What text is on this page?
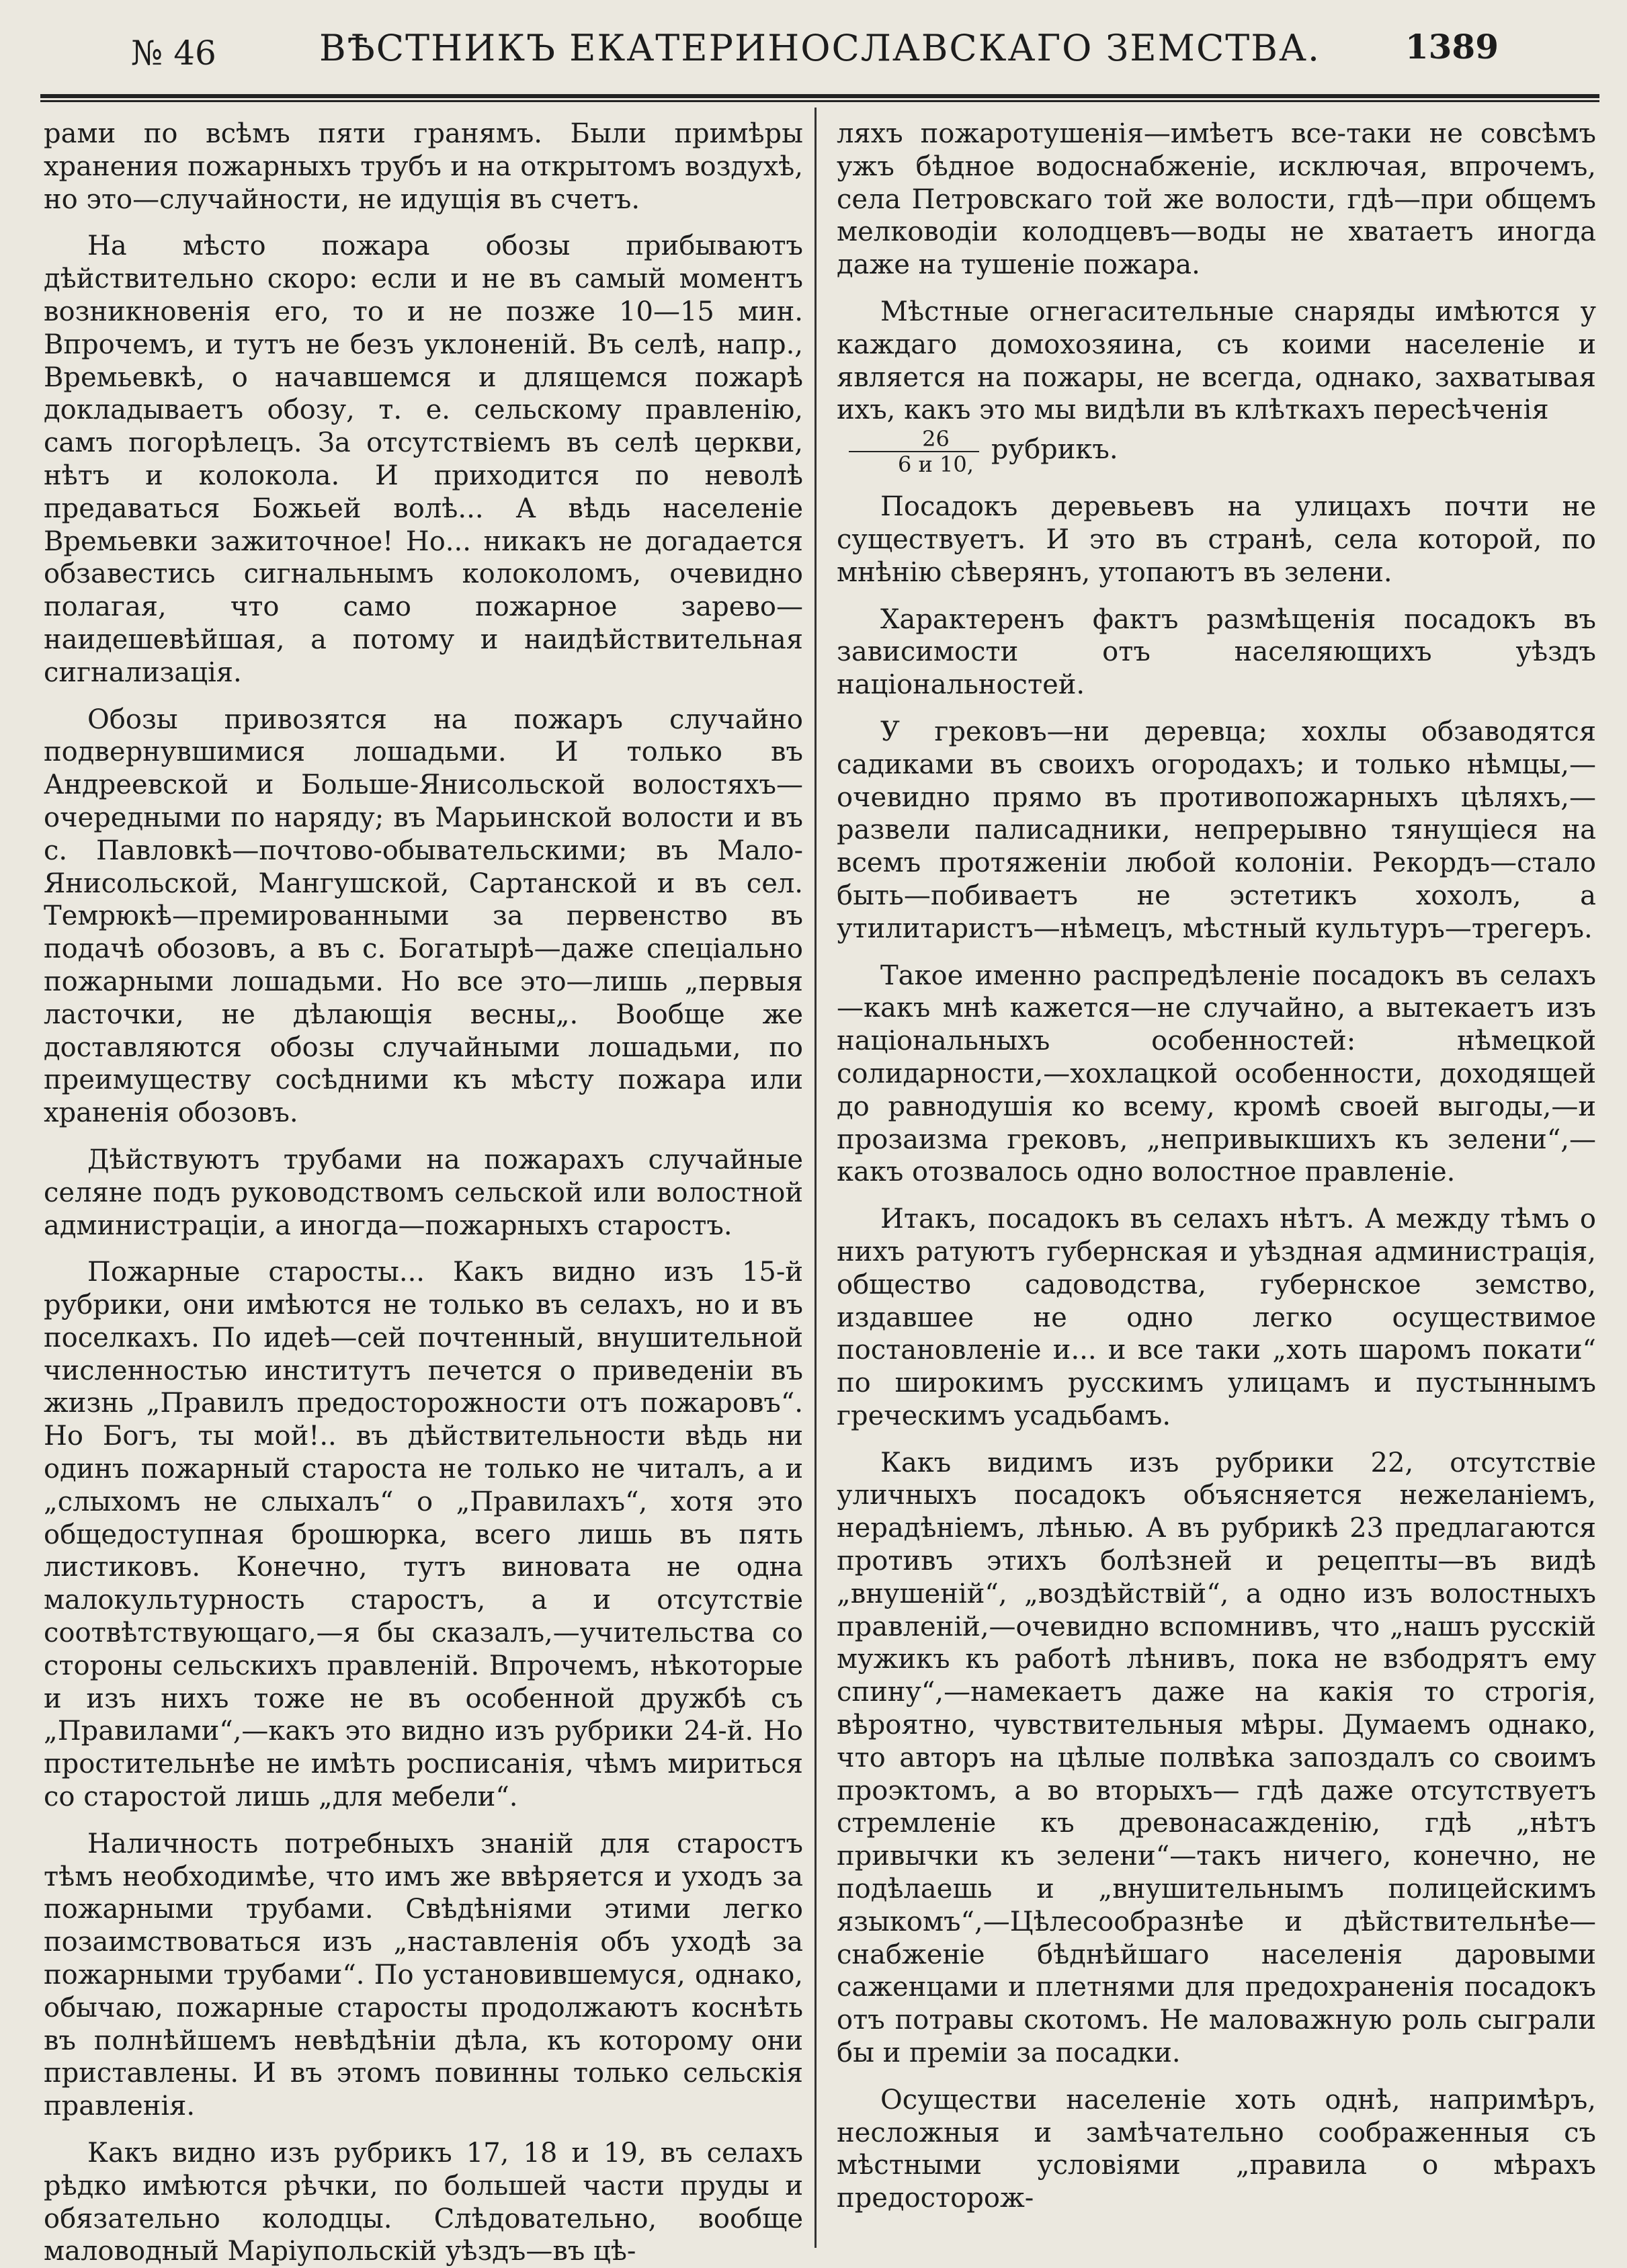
№ 46	ВѢСТНИКЪ ЕКАТЕРИНОСЛАВСКАГО ЗЕМСТВА.	1389

рами по всѣмъ пяти гранямъ. Были примѣры хранения пожарныхъ трубъ и на открытомъ воздухѣ, но это—случайности, не идущія въ счетъ.

На мѣсто пожара обозы прибываютъ дѣйствительно скоро: если и не въ самый моментъ возникновенія его, то и не позже 10—15 мин. Впрочемъ, и тутъ не безъ уклоненій. Въ селѣ, напр., Времьевкѣ, о начавшемся и длящемся пожарѣ докладываетъ обозу, т. е. сельскому правленію, самъ погорѣлецъ. За отсутствіемъ въ селѣ церкви, нѣтъ и колокола. И приходится по неволѣ предаваться Божьей волѣ... А вѣдь населеніе Времьевки зажиточное! Но... никакъ не догадается обзавестись сигнальнымъ колоколомъ, очевидно полагая, что само пожарное зарево—наидешевѣйшая, а потому и наидѣйствительная сигнализація.

Обозы привозятся на пожаръ случайно подвернувшимися лошадьми. И только въ Андреевской и Больше-Янисольской волостяхъ—очередными по наряду; въ Марьинской волости и въ с. Павловкѣ—почтово-обывательскими; въ Мало-Янисольской, Мангушской, Сартанской и въ сел. Темрюкѣ—премированными за первенство въ подачѣ обозовъ, а въ с. Богатырѣ—даже спеціально пожарными лошадьми. Но все это—лишь „первыя ласточки, не дѣлающія весны„. Вообще же доставляются обозы случайными лошадьми, по преимуществу сосѣдними къ мѣсту пожара или храненія обозовъ.

Дѣйствуютъ трубами на пожарахъ случайные селяне подъ руководствомъ сельской или волостной администраціи, а иногда—пожарныхъ старостъ.

Пожарные старосты... Какъ видно изъ 15-й рубрики, они имѣются не только въ селахъ, но и въ поселкахъ. По идеѣ—сей почтенный, внушительной численностью институтъ печется о приведеніи въ жизнь „Правилъ предосторожности отъ пожаровъ“. Но Богъ, ты мой!.. въ дѣйствительности вѣдь ни одинъ пожарный староста не только не читалъ, а и „слыхомъ не слыхалъ“ о „Правилахъ“, хотя это общедоступная брошюрка, всего лишь въ пять листиковъ. Конечно, тутъ виновата не одна малокультурность старостъ, а и отсутствіе соотвѣтствующаго,—я бы сказалъ,—учительства со стороны сельскихъ правленій. Впрочемъ, нѣкоторые и изъ нихъ тоже не въ особенной дружбѣ съ „Правилами“,—какъ это видно изъ рубрики 24-й. Но простительнѣе не имѣть росписанія, чѣмъ мириться со старостой лишь „для мебели“.

Наличность потребныхъ знаній для старостъ тѣмъ необходимѣе, что имъ же ввѣряется и уходъ за пожарными трубами. Свѣдѣніями этими легко позаимствоваться изъ „наставленія объ уходѣ за пожарными трубами“. По установившемуся, однако, обычаю, пожарные старосты продолжаютъ коснѣть въ полнѣйшемъ невѣдѣніи дѣла, къ которому они приставлены. И въ этомъ повинны только сельскія правленія.

Какъ видно изъ рубрикъ 17, 18 и 19, въ селахъ рѣдко имѣются рѣчки, по большей части пруды и обязательно колодцы. Слѣдовательно, вообще маловодный Маріупольскій уѣздъ—въ цѣ-

ляхъ пожаротушенія—имѣетъ все-таки не совсѣмъ ужъ бѣдное водоснабженіе, исключая, впрочемъ, села Петровскаго той же волости, гдѣ—при общемъ мелководіи колодцевъ—воды не хватаетъ иногда даже на тушеніе пожара.

Мѣстные огнегасительные снаряды имѣются у каждаго домохозяина, съ коими населеніе и является на пожары, не всегда, однако, захватывая ихъ, какъ это мы видѣли въ клѣткахъ пересѣченія

$\frac{26}{6 и 10,}$ рубрикъ.

Посадокъ деревьевъ на улицахъ почти не существуетъ. И это въ странѣ, села которой, по мнѣнію сѣверянъ, утопаютъ въ зелени.

Характеренъ фактъ размѣщенія посадокъ въ зависимости отъ населяющихъ уѣздъ національностей.

У грековъ—ни деревца; хохлы обзаводятся садиками въ своихъ огородахъ; и только нѣмцы,—очевидно прямо въ противопожарныхъ цѣляхъ,—развели палисадники, непрерывно тянущіеся на всемъ протяженіи любой колоніи. Рекордъ—стало быть—побиваетъ не эстетикъ хохолъ, а утилитаристъ—нѣмецъ, мѣстный культуръ—трегеръ.

Такое именно распредѣленіе посадокъ въ селахъ—какъ мнѣ кажется—не случайно, а вытекаетъ изъ національныхъ особенностей: нѣмецкой солидарности,—хохлацкой особенности, доходящей до равнодушія ко всему, кромѣ своей выгоды,—и прозаизма грековъ, „непривыкшихъ къ зелени“,—какъ отозвалось одно волостное правленіе.

Итакъ, посадокъ въ селахъ нѣтъ. А между тѣмъ о нихъ ратуютъ губернская и уѣздная администрація, общество садоводства, губернское земство, издавшее не одно легко осуществимое постановленіе и... и все таки „хоть шаромъ покати“ по широкимъ русскимъ улицамъ и пустыннымъ греческимъ усадьбамъ.

Какъ видимъ изъ рубрики 22, отсутствіе уличныхъ посадокъ объясняется нежеланіемъ, нерадѣніемъ, лѣнью. А въ рубрикѣ 23 предлагаются противъ этихъ болѣзней и рецепты—въ видѣ „внушеній“, „воздѣйствій“, а одно изъ волостныхъ правленій,—очевидно вспомнивъ, что „нашъ русскій мужикъ къ работѣ лѣнивъ, пока не взбодрятъ ему спину“,—намекаетъ даже на какія то строгія, вѣроятно, чувствительныя мѣры. Думаемъ однако, что авторъ на цѣлые полвѣка запоздалъ со своимъ проэктомъ, а во вторыхъ— гдѣ даже отсутствуетъ стремленіе къ древонасажденію, гдѣ „нѣтъ привычки къ зелени“—такъ ничего, конечно, не подѣлаешь и „внушительнымъ полицейскимъ языкомъ“,—Цѣлесообразнѣе и дѣйствительнѣе—снабженіе бѣднѣйшаго населенія даровыми саженцами и плетнями для предохраненія посадокъ отъ потравы скотомъ. Не маловажную роль сыграли бы и преміи за посадки.

Осуществи населеніе хоть однѣ, напримѣръ, несложныя и замѣчательно соображенныя съ мѣстными условіями „правила о мѣрахъ предосторож-
